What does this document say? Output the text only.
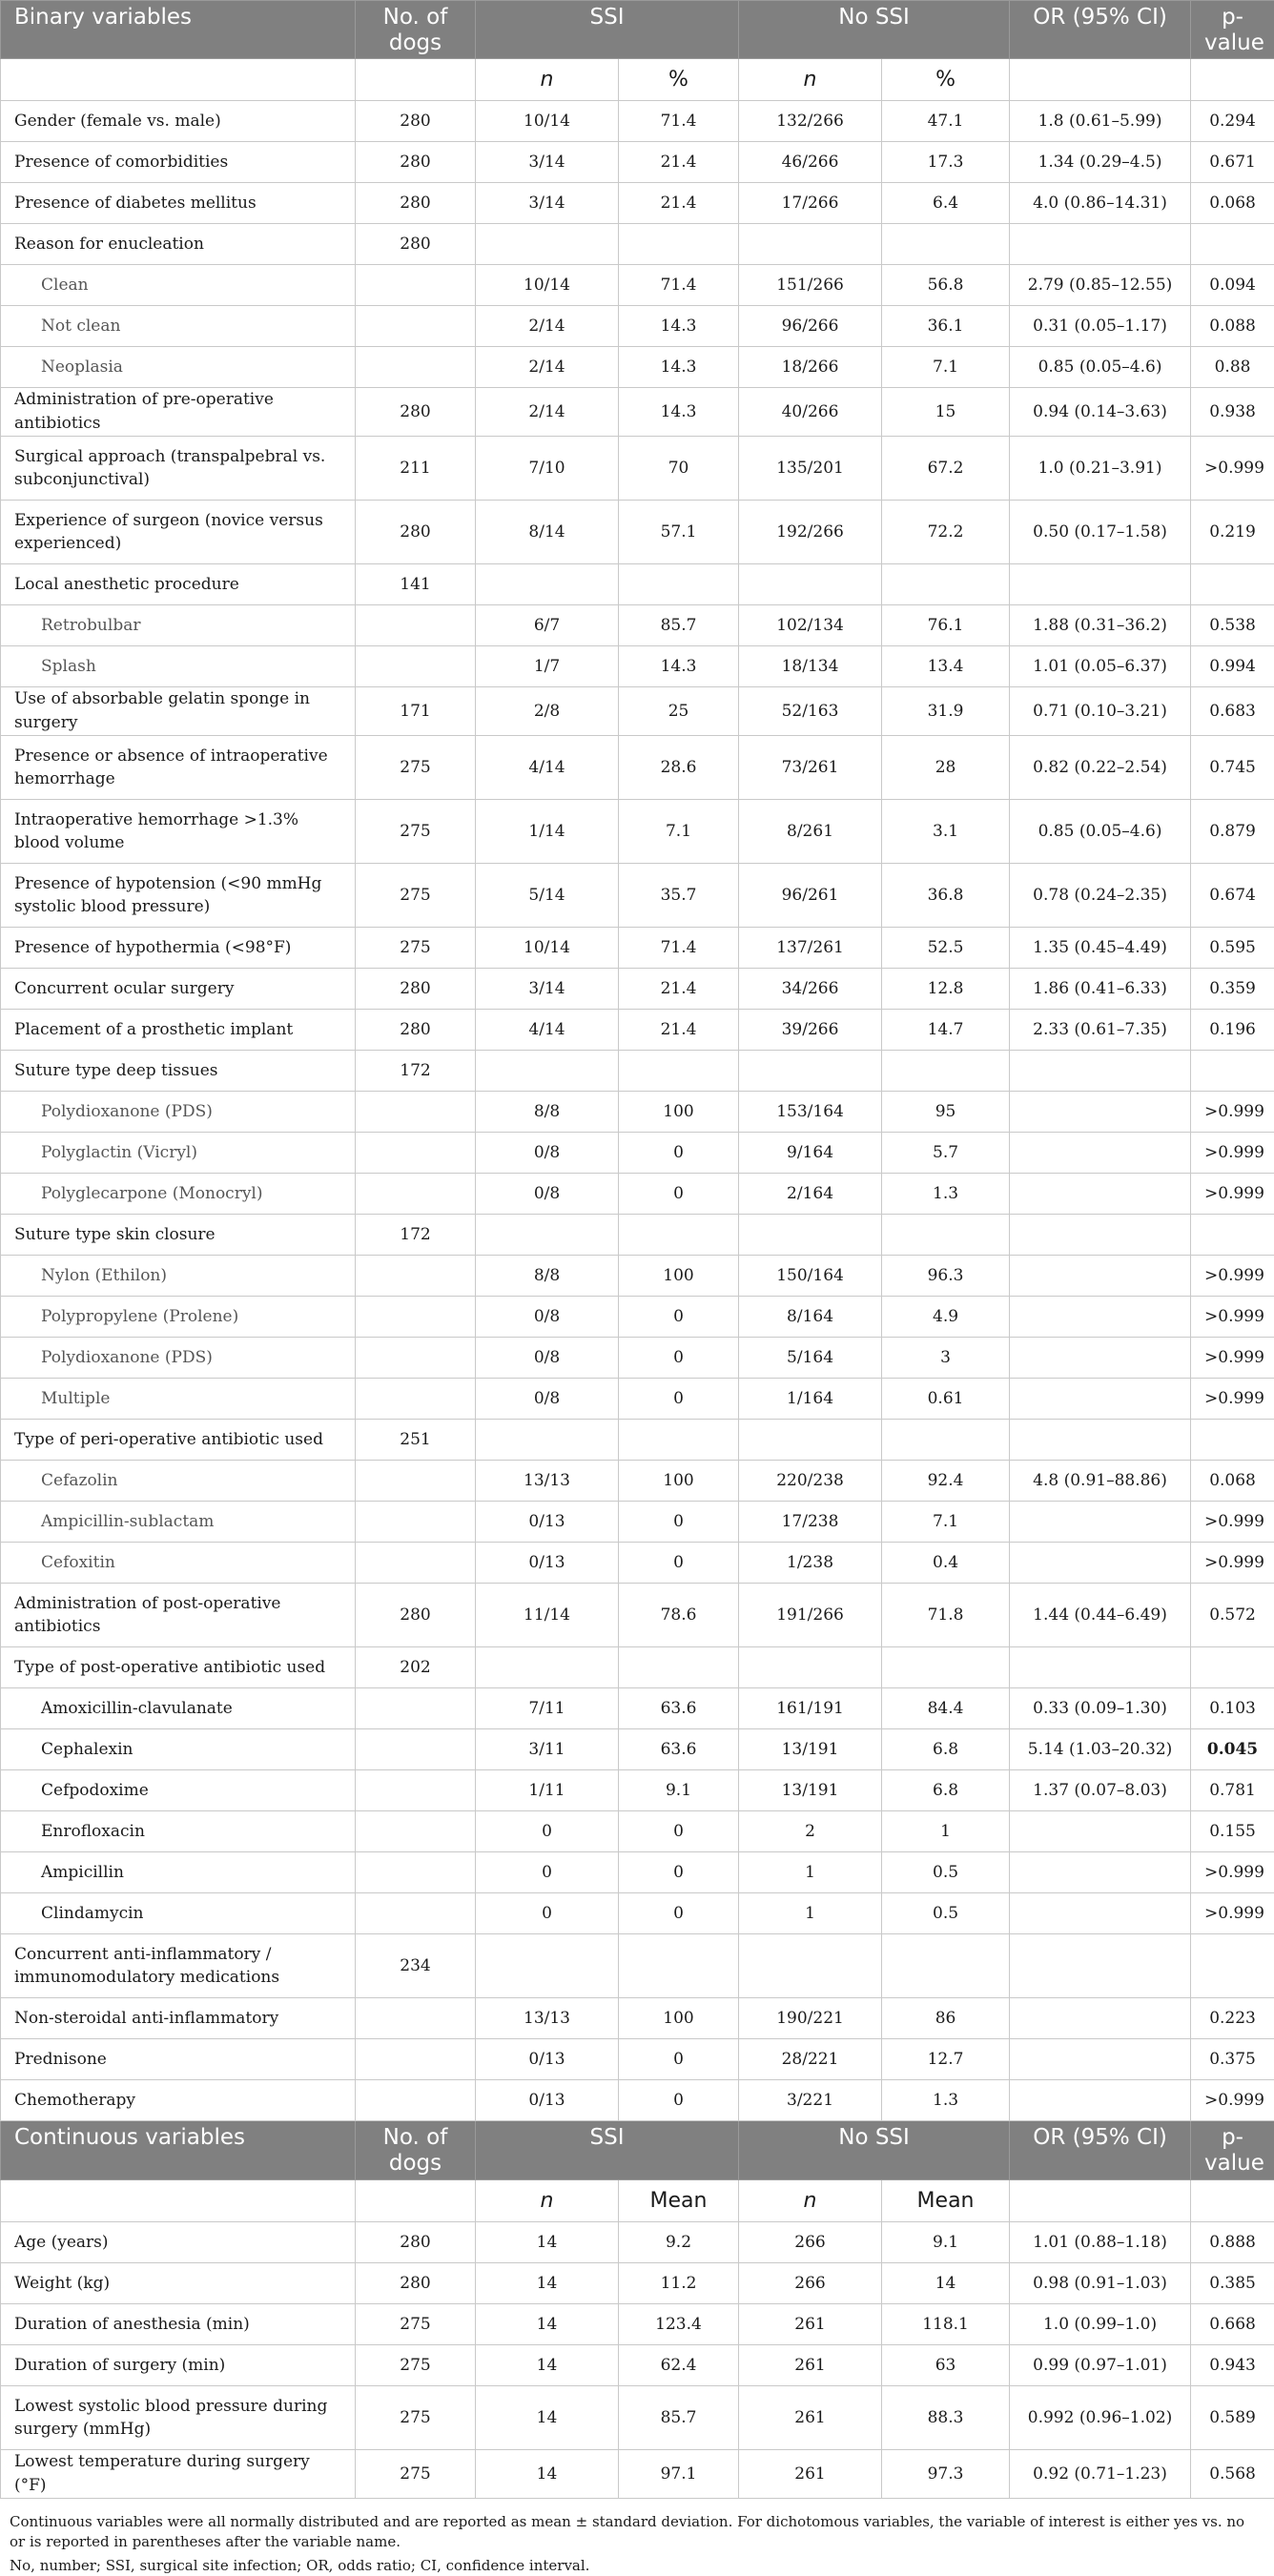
Binary variables	No. of dogs	SSI		No SSI		OR (95% CI)	p-value
		n	%	n	%		
Gender (female vs. male)	280	10/14	71.4	132/266	47.1	1.8 (0.61–5.99)	0.294
Presence of comorbidities	280	3/14	21.4	46/266	17.3	1.34 (0.29–4.5)	0.671
Presence of diabetes mellitus	280	3/14	21.4	17/266	6.4	4.0 (0.86–14.31)	0.068
Reason for enucleation	280						
Clean		10/14	71.4	151/266	56.8	2.79 (0.85–12.55)	0.094
Not clean		2/14	14.3	96/266	36.1	0.31 (0.05–1.17)	0.088
Neoplasia		2/14	14.3	18/266	7.1	0.85 (0.05–4.6)	0.88
Administration of pre-operative antibiotics	280	2/14	14.3	40/266	15	0.94 (0.14–3.63)	0.938
Surgical approach (transpalpebral vs. subconjunctival)	211	7/10	70	135/201	67.2	1.0 (0.21–3.91)	>0.999
Experience of surgeon (novice versus experienced)	280	8/14	57.1	192/266	72.2	0.50 (0.17–1.58)	0.219
Local anesthetic procedure	141						
Retrobulbar		6/7	85.7	102/134	76.1	1.88 (0.31–36.2)	0.538
Splash		1/7	14.3	18/134	13.4	1.01 (0.05–6.37)	0.994
Use of absorbable gelatin sponge in surgery	171	2/8	25	52/163	31.9	0.71 (0.10–3.21)	0.683
Presence or absence of intraoperative hemorrhage	275	4/14	28.6	73/261	28	0.82 (0.22–2.54)	0.745
Intraoperative hemorrhage >1.3% blood volume	275	1/14	7.1	8/261	3.1	0.85 (0.05–4.6)	0.879
Presence of hypotension (<90 mmHg systolic blood pressure)	275	5/14	35.7	96/261	36.8	0.78 (0.24–2.35)	0.674
Presence of hypothermia (<98°F)	275	10/14	71.4	137/261	52.5	1.35 (0.45–4.49)	0.595
Concurrent ocular surgery	280	3/14	21.4	34/266	12.8	1.86 (0.41–6.33)	0.359
Placement of a prosthetic implant	280	4/14	21.4	39/266	14.7	2.33 (0.61–7.35)	0.196
Suture type deep tissues	172						
Polydioxanone (PDS)		8/8	100	153/164	95		>0.999
Polyglactin (Vicryl)		0/8	0	9/164	5.7		>0.999
Polyglecarpone (Monocryl)		0/8	0	2/164	1.3		>0.999
Suture type skin closure	172						
Nylon (Ethilon)		8/8	100	150/164	96.3		>0.999
Polypropylene (Prolene)		0/8	0	8/164	4.9		>0.999
Polydioxanone (PDS)		0/8	0	5/164	3		>0.999
Multiple		0/8	0	1/164	0.61		>0.999
Type of peri-operative antibiotic used	251						
Cefazolin		13/13	100	220/238	92.4	4.8 (0.91–88.86)	0.068
Ampicillin-sublactam		0/13	0	17/238	7.1		>0.999
Cefoxitin		0/13	0	1/238	0.4		>0.999
Administration of post-operative antibiotics	280	11/14	78.6	191/266	71.8	1.44 (0.44–6.49)	0.572
Type of post-operative antibiotic used	202						
Amoxicillin-clavulanate		7/11	63.6	161/191	84.4	0.33 (0.09–1.30)	0.103
Cephalexin		3/11	63.6	13/191	6.8	5.14 (1.03–20.32)	0.045
Cefpodoxime		1/11	9.1	13/191	6.8	1.37 (0.07–8.03)	0.781
Enrofloxacin		0	0	2	1		0.155
Ampicillin		0	0	1	0.5		>0.999
Clindamycin		0	0	1	0.5		>0.999
Concurrent anti-inflammatory / immunomodulatory medications	234						
Non-steroidal anti-inflammatory		13/13	100	190/221	86		0.223
Prednisone		0/13	0	28/221	12.7		0.375
Chemotherapy		0/13	0	3/221	1.3		>0.999
Continuous variables	No. of dogs	SSI		No SSI		OR (95% CI)	p-value
		n	Mean	n	Mean		
Age (years)	280	14	9.2	266	9.1	1.01 (0.88–1.18)	0.888
Weight (kg)	280	14	11.2	266	14	0.98 (0.91–1.03)	0.385
Duration of anesthesia (min)	275	14	123.4	261	118.1	1.0 (0.99–1.0)	0.668
Duration of surgery (min)	275	14	62.4	261	63	0.99 (0.97–1.01)	0.943
Lowest systolic blood pressure during surgery (mmHg)	275	14	85.7	261	88.3	0.992 (0.96–1.02)	0.589
Lowest temperature during surgery (°F)	275	14	97.1	261	97.3	0.92 (0.71–1.23)	0.568

Continuous variables were all normally distributed and are reported as mean ± standard deviation. For dichotomous variables, the variable of interest is either yes vs. no or is reported in parentheses after the variable name.

No, number; SSI, surgical site infection; OR, odds ratio; CI, confidence interval.
